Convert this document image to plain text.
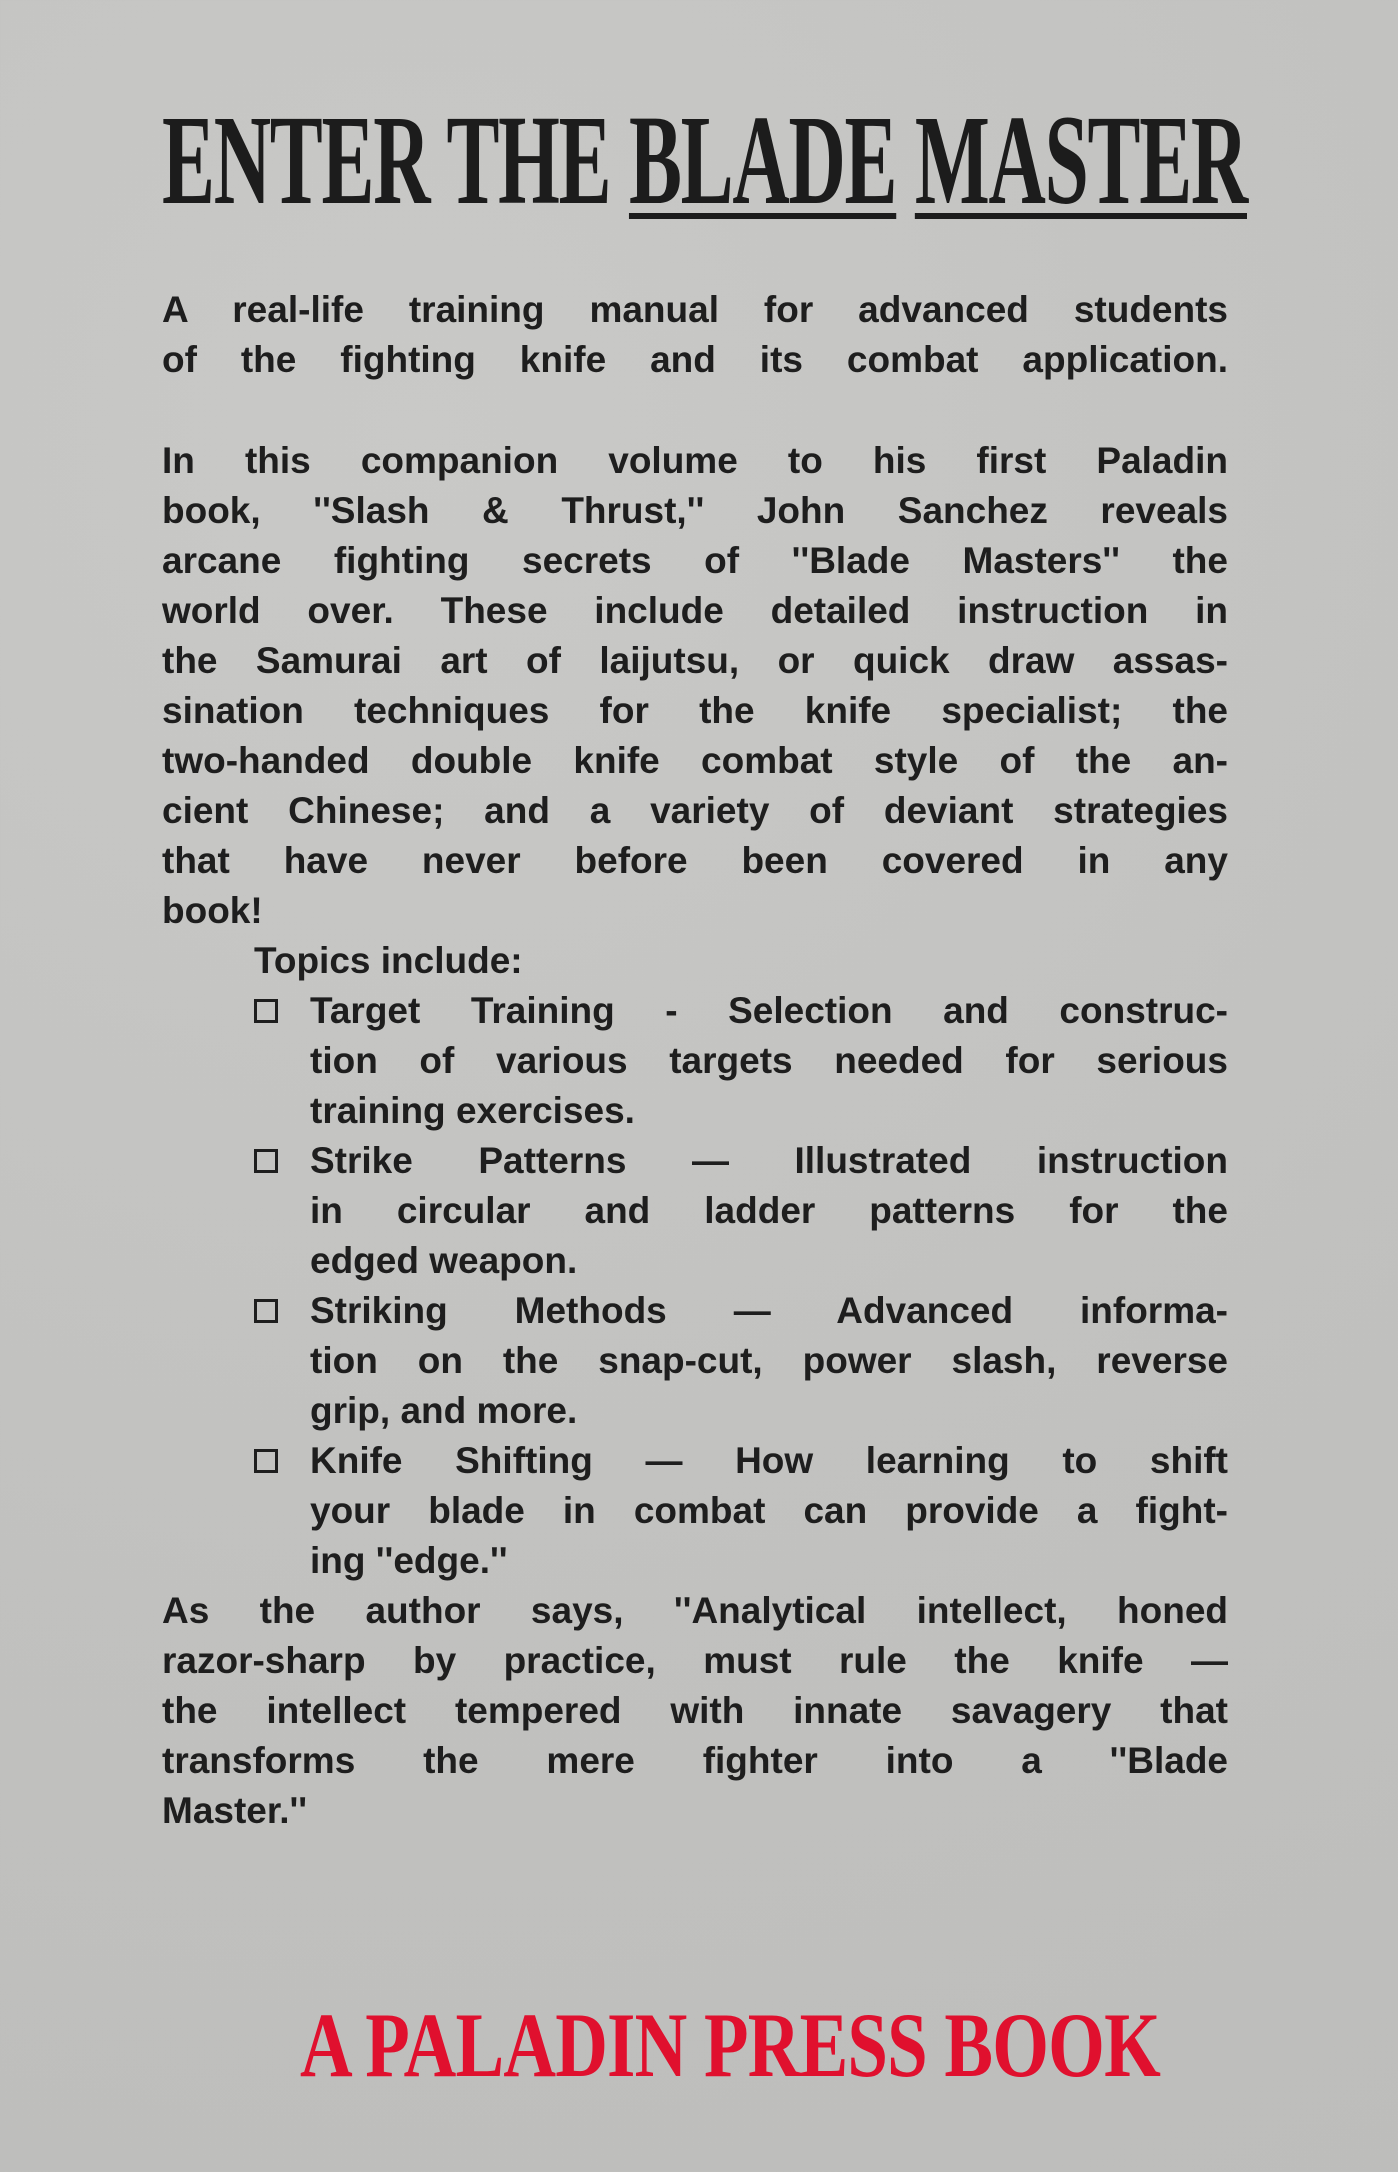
ENTER THE BLADE MASTER
A real-life training manual for advanced students
of the fighting knife and its combat application.
In this companion volume to his first Paladin
book, ''Slash & Thrust,'' John Sanchez reveals
arcane fighting secrets of ''Blade Masters'' the
world over. These include detailed instruction in
the Samurai art of laijutsu, or quick draw assas-
sination techniques for the knife specialist; the
two-handed double knife combat style of the an-
cient Chinese; and a variety of deviant strategies
that have never before been covered in any
book!
Topics include:
Target Training - Selection and construc-
tion of various targets needed for serious
training exercises.
Strike Patterns — Illustrated instruction
in circular and ladder patterns for the
edged weapon.
Striking Methods — Advanced informa-
tion on the snap-cut, power slash, reverse
grip, and more.
Knife Shifting — How learning to shift
your blade in combat can provide a fight-
ing ''edge.''
As the author says, ''Analytical intellect, honed
razor-sharp by practice, must rule the knife —
the intellect tempered with innate savagery that
transforms the mere fighter into a ''Blade
Master.''
A PALADIN PRESS BOOK
